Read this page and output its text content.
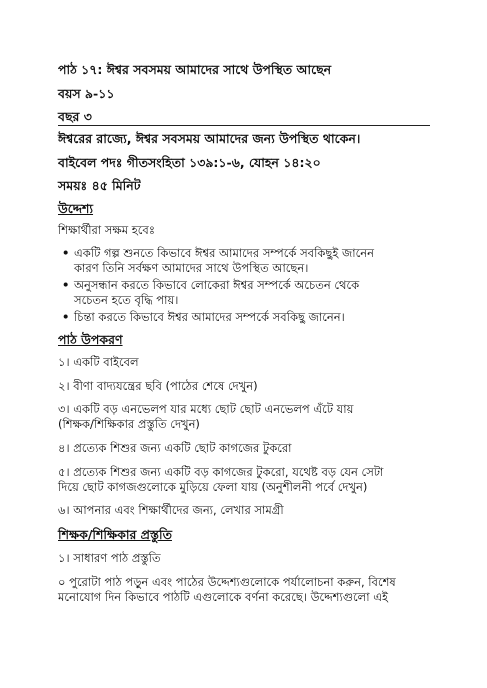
পাঠ ১৭: ঈশ্বর সবসময় আমাদের সাথে উপস্থিত আছেন
বয়স ৯-১১
বছর ৩
ঈশ্বরের রাজ্যে, ঈশ্বর সবসময় আমাদের জন্য উপস্থিত থাকেন।
বাইবেল পদঃ গীতসংহিতা ১৩৯:১-৬, যোহন ১৪:২০
সময়ঃ ৪৫ মিনিট
উদ্দেশ্য
শিক্ষার্থীরা সক্ষম হবেঃ
• একটি গল্প শুনতে কিভাবে ঈশ্বর আমাদের সম্পর্কে সবকিছুই জানেন
কারণ তিনি সর্বক্ষণ আমাদের সাথে উপস্থিত আছেন।
• অনুসন্ধান করতে কিভাবে লোকেরা ঈশ্বর সম্পর্কে অচেতন থেকে
সচেতন হতে বৃদ্ধি পায়।
• চিন্তা করতে কিভাবে ঈশ্বর আমাদের সম্পর্কে সবকিছু জানেন।
পাঠ উপকরণ
১। একটি বাইবেল
২। বীণা বাদ্যযন্ত্রের ছবি (পাঠের শেষে দেখুন)
৩। একটি বড় এনভেলপ যার মধ্যে ছোট ছোট এনভেলপ এঁটে যায়
(শিক্ষক/শিক্ষিকার প্রস্তুতি দেখুন)
৪। প্রত্যেক শিশুর জন্য একটি ছোট কাগজের টুকরো
৫। প্রত্যেক শিশুর জন্য একটি বড় কাগজের টুকরো, যথেষ্ট বড় যেন সেটা
দিয়ে ছোট কাগজগুলোকে মুড়িয়ে ফেলা যায় (অনুশীলনী পর্বে দেখুন)
৬। আপনার এবং শিক্ষার্থীদের জন্য, লেখার সামগ্রী
শিক্ষক/শিক্ষিকার প্রস্তুতি
১। সাধারণ পাঠ প্রস্তুতি
০ পুরোটা পাঠ পড়ুন এবং পাঠের উদ্দেশ্যগুলোকে পর্যালোচনা করুন, বিশেষ
মনোযোগ দিন কিভাবে পাঠটি এগুলোকে বর্ণনা করেছে। উদ্দেশ্যগুলো এই
